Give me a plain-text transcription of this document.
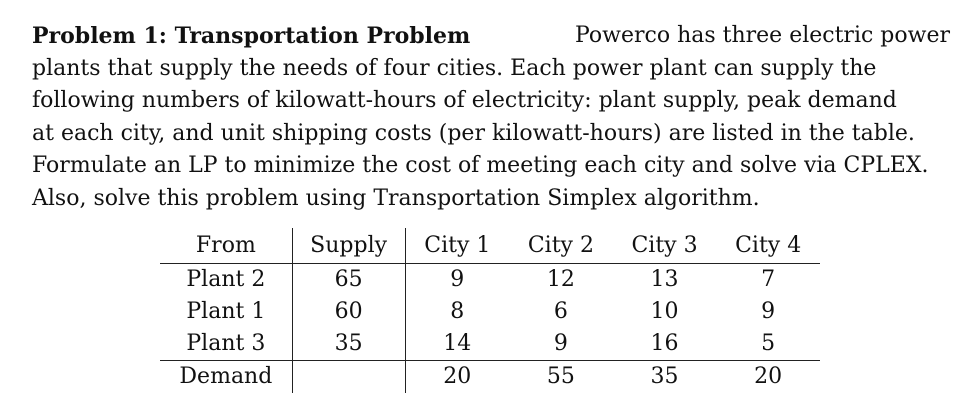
Problem 1: Transportation Problem	Powerco has three electric power
plants that supply the needs of four cities. Each power plant can supply the
following numbers of kilowatt-hours of electricity: plant supply, peak demand
at each city, and unit shipping costs (per kilowatt-hours) are listed in the table.
Formulate an LP to minimize the cost of meeting each city and solve via CPLEX.
Also, solve this problem using Transportation Simplex algorithm.
From	Supply	City 1	City 2	City 3	City 4
Plant 2	65	9	12	13	7
Plant 1	60	8	6	10	9
Plant 3	35	14	9	16	5
Demand		20	55	35	20
